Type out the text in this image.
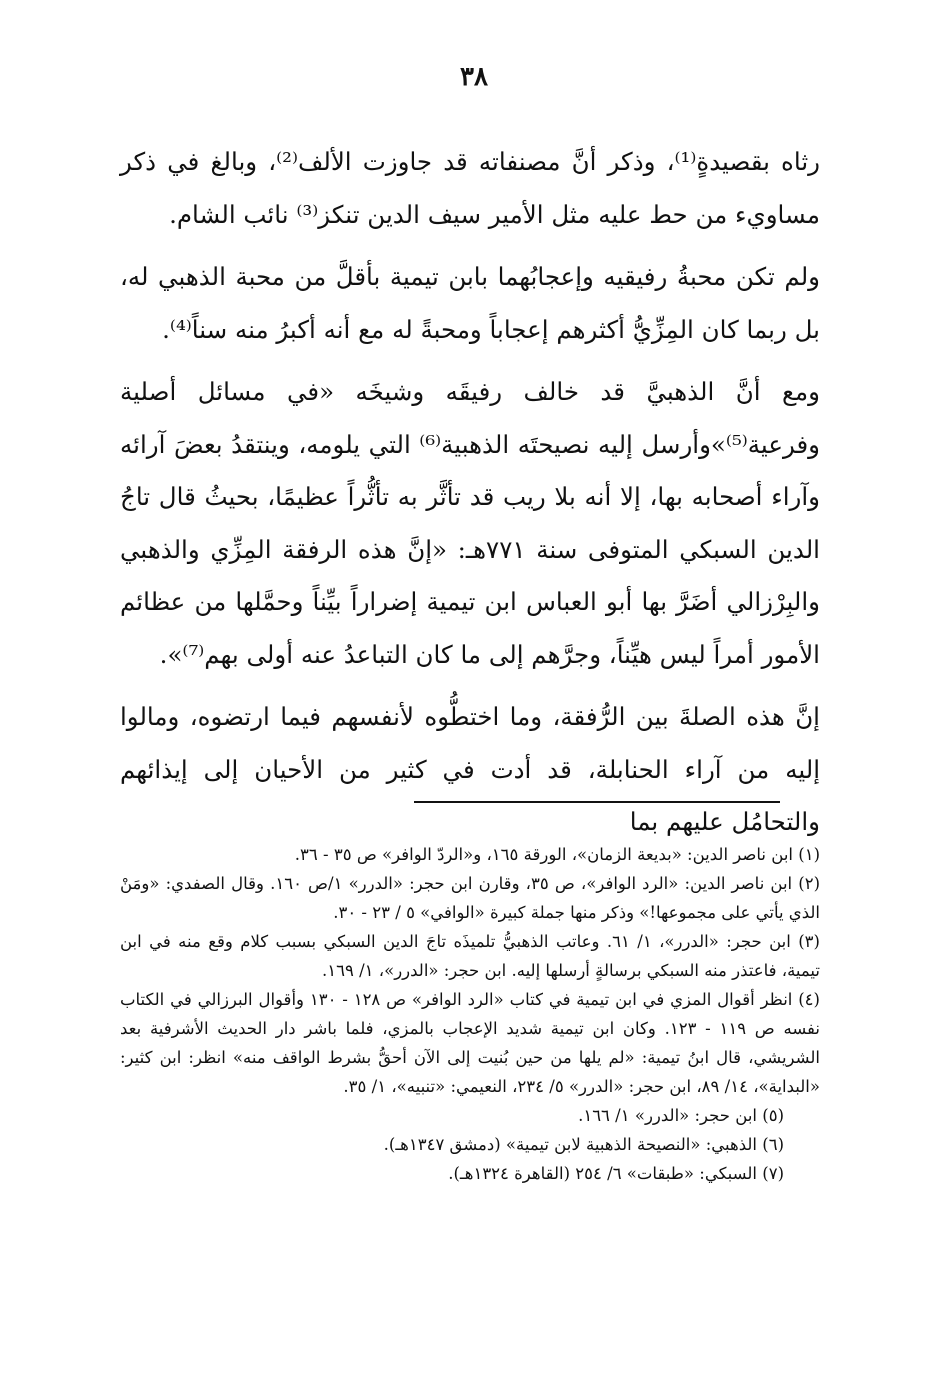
٣٨

رثاه بقصيدةٍ⁽¹⁾، وذكر أنَّ مصنفاته قد جاوزت الألف⁽²⁾، وبالغ في ذكر مساويء من حط عليه مثل الأمير سيف الدين تنكز⁽³⁾ نائب الشام.

ولم تكن محبةُ رفيقيه وإعجابُهما بابن تيمية بأقلَّ من محبة الذهبي له، بل ربما كان المِزِّيُّ أكثرهم إعجاباً ومحبةً له مع أنه أكبرُ منه سناً⁽⁴⁾.

ومع أنَّ الذهبيَّ قد خالف رفيقَه وشيخَه «في مسائل أصلية وفرعية⁽⁵⁾»وأرسل إليه نصيحتَه الذهبية⁽⁶⁾ التي يلومه، وينتقدُ بعضَ آرائه وآراء أصحابه بها، إلا أنه بلا ريب قد تأثَّر به تأثُّراً عظيمًا، بحيثُ قال تاجُ الدين السبكي المتوفى سنة ٧٧١هـ: «إنَّ هذه الرفقة المِزِّي والذهبي والبِرْزالي أضَرَّ بها أبو العباس ابن تيمية إضراراً بيِّناً وحمَّلها من عظائم الأمور أمراً ليس هيِّناً، وجرَّهم إلى ما كان التباعدُ عنه أولى بهم⁽⁷⁾».

إنَّ هذه الصلةَ بين الرُّفقة، وما اختطُّوه لأنفسهم فيما ارتضوه، ومالوا إليه من آراء الحنابلة، قد أدت في كثير من الأحيان إلى إيذائهم والتحامُل عليهم بما

(١) ابن ناصر الدين: «بديعة الزمان»، الورقة ١٦٥، و«الردّ الوافر» ص ٣٥ - ٣٦.

(٢) ابن ناصر الدين: «الرد الوافر»، ص ٣٥، وقارن ابن حجر: «الدرر» ١/ص ١٦٠. وقال الصفدي: «ومَنْ الذي يأتي على مجموعها!» وذكر منها جملة كبيرة «الوافي» ٥ / ٢٣ - ٣٠.

(٣) ابن حجر: «الدرر»، ١/ ٦١. وعاتب الذهبيُّ تلميذَه تاجَ الدين السبكي بسبب كلام وقع منه في ابن تيمية، فاعتذر منه السبكي برسالةٍ أرسلها إليه. ابن حجر: «الدرر»، ١/ ١٦٩.

(٤) انظر أقوال المزي في ابن تيمية في كتاب «الرد الوافر» ص ١٢٨ - ١٣٠ وأقوال البرزالي في الكتاب نفسه ص ١١٩ - ١٢٣. وكان ابن تيمية شديد الإعجاب بالمزي، فلما باشر دار الحديث الأشرفية بعد الشريشي، قال ابنُ تيمية: «لم يلها من حين بُنيت إلى الآن أحقُّ بشرط الواقف منه» انظر: ابن كثير: «البداية»، ١٤/ ٨٩، ابن حجر: «الدرر» ٥/ ٢٣٤، النعيمي: «تنبيه»، ١/ ٣٥.

(٥) ابن حجر: «الدرر» ١/ ١٦٦.

(٦) الذهبي: «النصيحة الذهبية لابن تيمية» (دمشق ١٣٤٧هـ).

(٧) السبكي: «طبقات» ٦/ ٢٥٤ (القاهرة ١٣٢٤هـ).
